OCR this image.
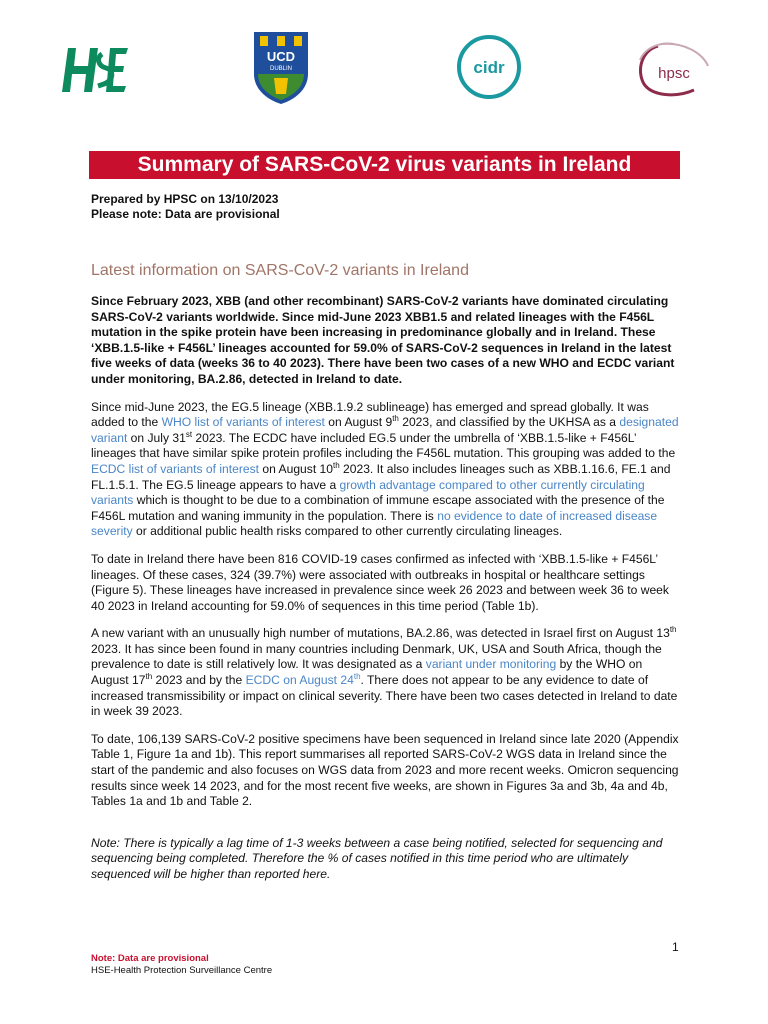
UCD
DUBLIN	cidr	hpsc
Summary of SARS-CoV-2 virus variants in Ireland
Prepared by HPSC on 13/10/2023
Please note: Data are provisional
Latest information on SARS-CoV-2 variants in Ireland

Since February 2023, XBB (and other recombinant) SARS-CoV-2 variants have dominated circulating SARS-CoV-2 variants worldwide. Since mid-June 2023 XBB1.5 and related lineages with the F456L mutation in the spike protein have been increasing in predominance globally and in Ireland. These ‘XBB.1.5-like + F456L’ lineages accounted for 59.0% of SARS-CoV-2 sequences in Ireland in the latest five weeks of data (weeks 36 to 40 2023). There have been two cases of a new WHO and ECDC variant under monitoring, BA.2.86, detected in Ireland to date.

Since mid-June 2023, the EG.5 lineage (XBB.1.9.2 sublineage) has emerged and spread globally. It was added to the WHO list of variants of interest on August 9th 2023, and classified by the UKHSA as a designated variant on July 31st 2023. The ECDC have included EG.5 under the umbrella of ‘XBB.1.5-like + F456L’ lineages that have similar spike protein profiles including the F456L mutation. This grouping was added to the ECDC list of variants of interest on August 10th 2023. It also includes lineages such as XBB.1.16.6, FE.1 and FL.1.5.1. The EG.5 lineage appears to have a growth advantage compared to other currently circulating variants which is thought to be due to a combination of immune escape associated with the presence of the F456L mutation and waning immunity in the population. There is no evidence to date of increased disease severity or additional public health risks compared to other currently circulating lineages.

To date in Ireland there have been 816 COVID-19 cases confirmed as infected with ‘XBB.1.5-like + F456L’ lineages. Of these cases, 324 (39.7%) were associated with outbreaks in hospital or healthcare settings (Figure 5). These lineages have increased in prevalence since week 26 2023 and between week 36 to week 40 2023 in Ireland accounting for 59.0% of sequences in this time period (Table 1b).

A new variant with an unusually high number of mutations, BA.2.86, was detected in Israel first on August 13th 2023. It has since been found in many countries including Denmark, UK, USA and South Africa, though the prevalence to date is still relatively low. It was designated as a variant under monitoring by the WHO on August 17th 2023 and by the ECDC on August 24th. There does not appear to be any evidence to date of increased transmissibility or impact on clinical severity. There have been two cases detected in Ireland to date in week 39 2023.

To date, 106,139 SARS-CoV-2 positive specimens have been sequenced in Ireland since late 2020 (Appendix Table 1, Figure 1a and 1b). This report summarises all reported SARS-CoV-2 WGS data in Ireland since the start of the pandemic and also focuses on WGS data from 2023 and more recent weeks. Omicron sequencing results since week 14 2023, and for the most recent five weeks, are shown in Figures 3a and 3b, 4a and 4b, Tables 1a and 1b and Table 2.

Note: There is typically a lag time of 1-3 weeks between a case being notified, selected for sequencing and sequencing being completed. Therefore the % of cases notified in this time period who are ultimately sequenced will be higher than reported here.

1
Note: Data are provisional
HSE-Health Protection Surveillance Centre
